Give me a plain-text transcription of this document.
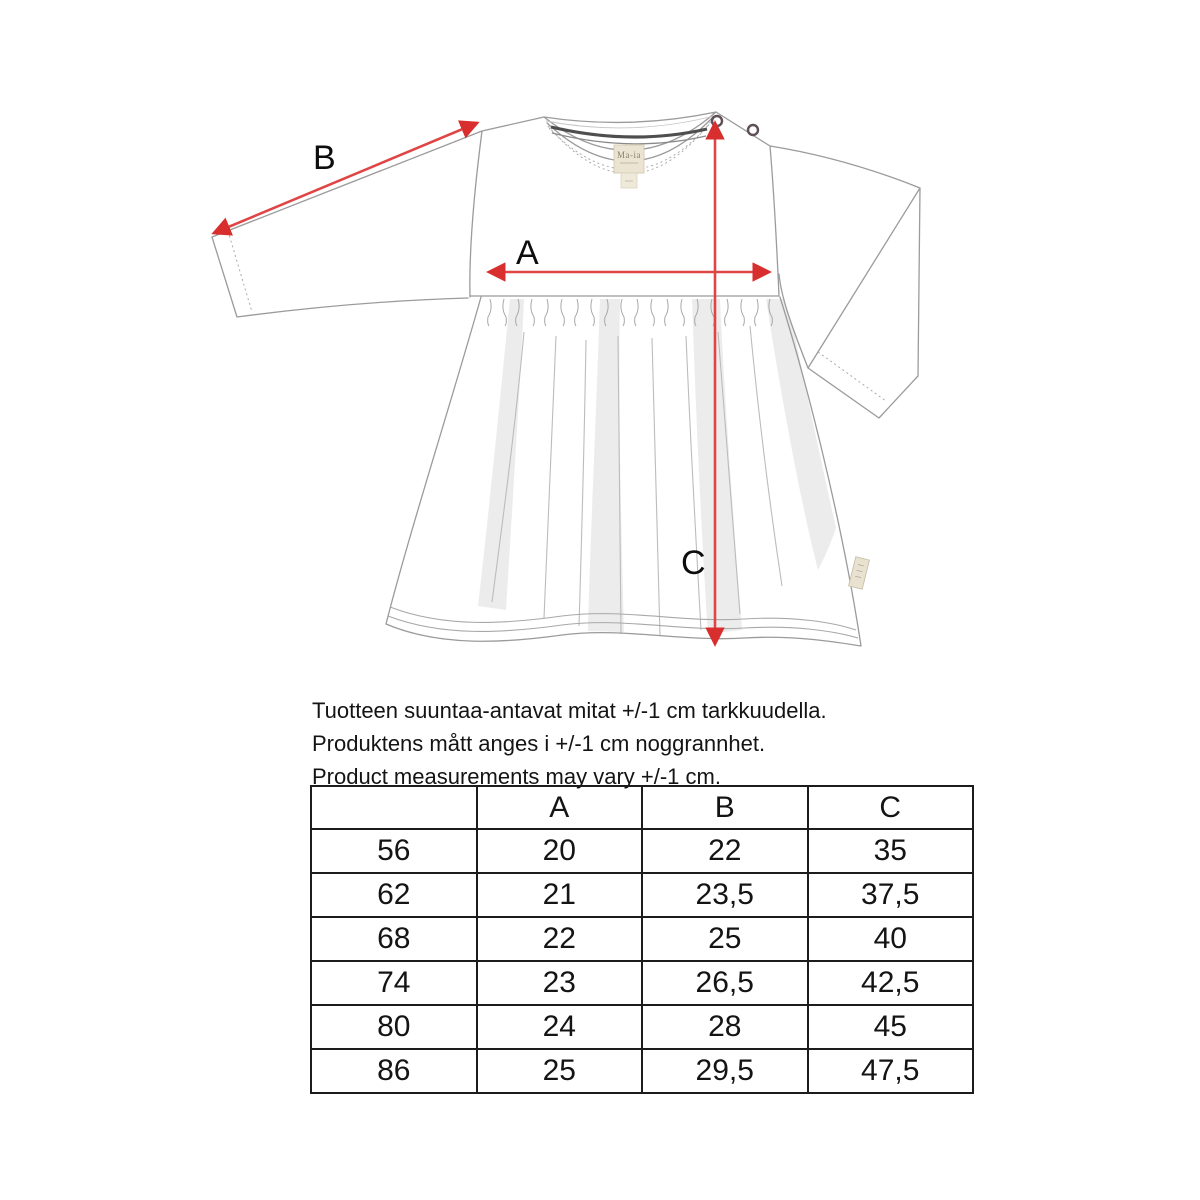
Ma-ia
B
A
C

Tuotteen suuntaa-antavat mitat +/-1 cm tarkkuudella.

Produktens mått anges i +/-1 cm noggrannhet.

Product measurements may vary +/-1 cm.

	A	B	C
56	20	22	35
62	21	23,5	37,5
68	22	25	40
74	23	26,5	42,5
80	24	28	45
86	25	29,5	47,5
